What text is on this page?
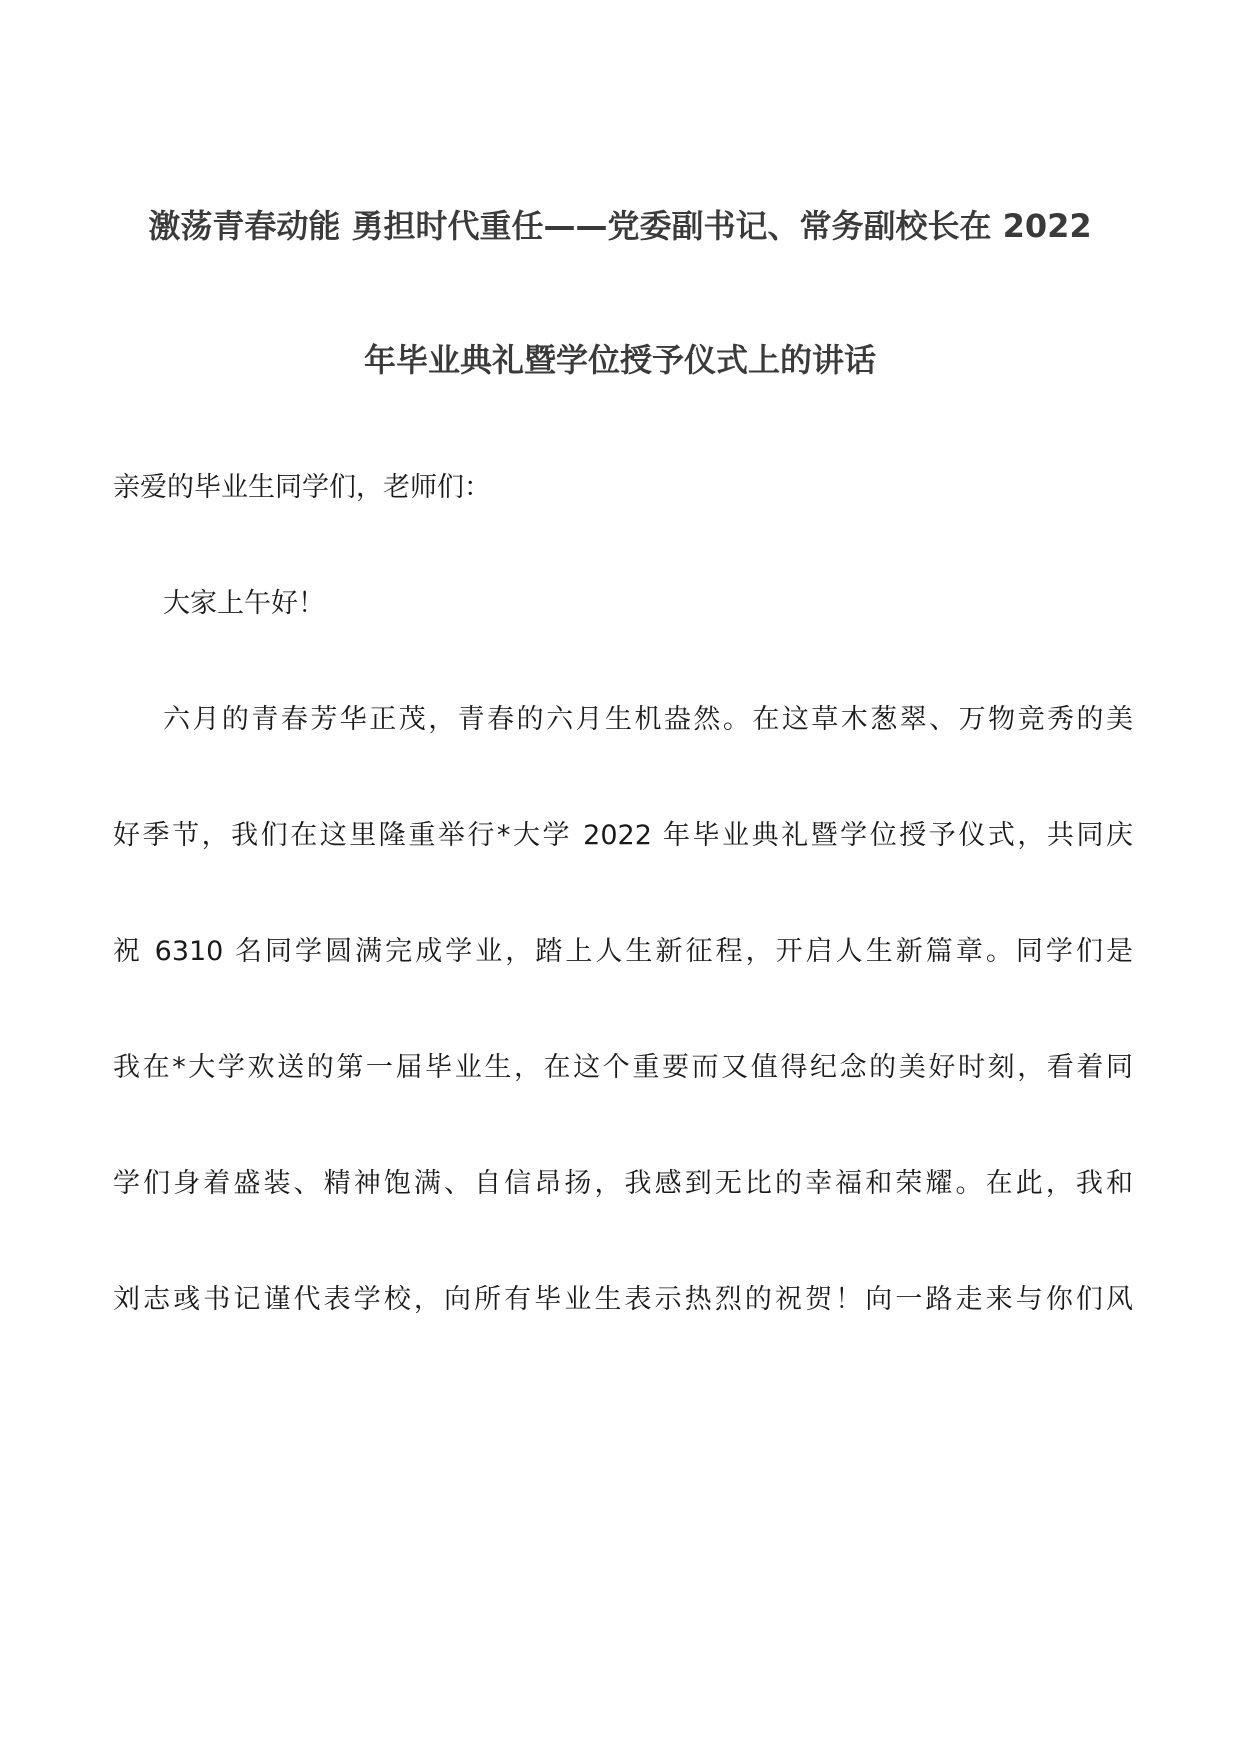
激荡青春动能 勇担时代重任——党委副书记、常务副校长在 2022
年毕业典礼暨学位授予仪式上的讲话

亲爱的毕业生同学们，老师们：

大家上午好！

六月的青春芳华正茂，青春的六月生机盎然。在这草木葱翠、万物竞秀的美

好季节，我们在这里隆重举行*大学 2022 年毕业典礼暨学位授予仪式，共同庆

祝 6310 名同学圆满完成学业，踏上人生新征程，开启人生新篇章。同学们是

我在*大学欢送的第一届毕业生，在这个重要而又值得纪念的美好时刻，看着同

学们身着盛装、精神饱满、自信昂扬，我感到无比的幸福和荣耀。在此，我和

刘志彧书记谨代表学校，向所有毕业生表示热烈的祝贺！向一路走来与你们风
